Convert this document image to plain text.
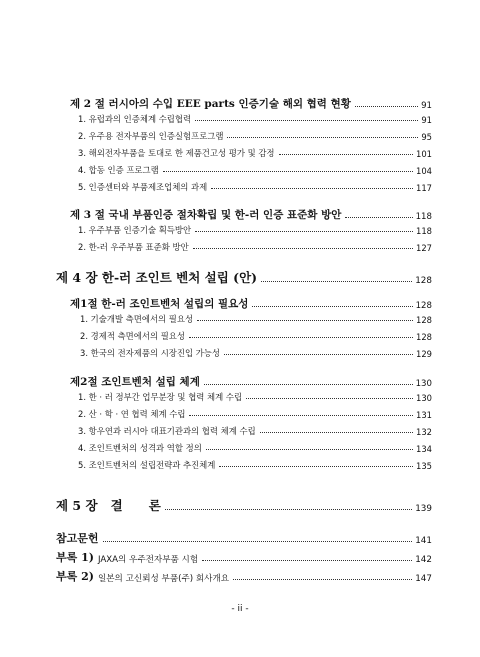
제 2 절 러시아의 수입 EEE parts 인증기술 해외 협력 현황	91
1. 유럽과의 인증체계 수립협력	91
2. 우주용 전자부품의 인증실험프로그램	95
3. 해외전자부품을 토대로 한 제품건고성 평가 및 감정	101
4. 합동 인증 프로그램	104
5. 인증센터와 부품제조업체의 과제	117
제 3 절 국내 부품인증 절차확립 및 한-러 인증 표준화 방안	118
1. 우주부품 인증기술 획득방안	118
2. 한-러 우주부품 표준화 방안	127
제 4 장 한-러 조인트 벤처 설립 (안)	128
제1절 한-러 조인트벤처 설립의 필요성	128
1. 기술개발 측면에서의 필요성	128
2. 경제적 측면에서의 필요성	128
3. 한국의 전자제품의 시장진입 가능성	129
제2절 조인트벤처 설립 체계	130
1. 한 · 러 정부간 업무분장 및 협력 체계 수립	130
2. 산 · 학 · 연 협력 체계 수립	131
3. 항우연과 러시아 대표기관과의 협력 체계 수립	132
4. 조인트벤처의 성격과 역할 정의	134
5. 조인트벤처의 설립전략과 추진체계	135
제 5 장   결      론	139
참고문헌	141
부록 1) JAXA의 우주전자부품 시험	142
부록 2) 일본의 고신뢰성 부품(주) 회사개요	147
- ii -
